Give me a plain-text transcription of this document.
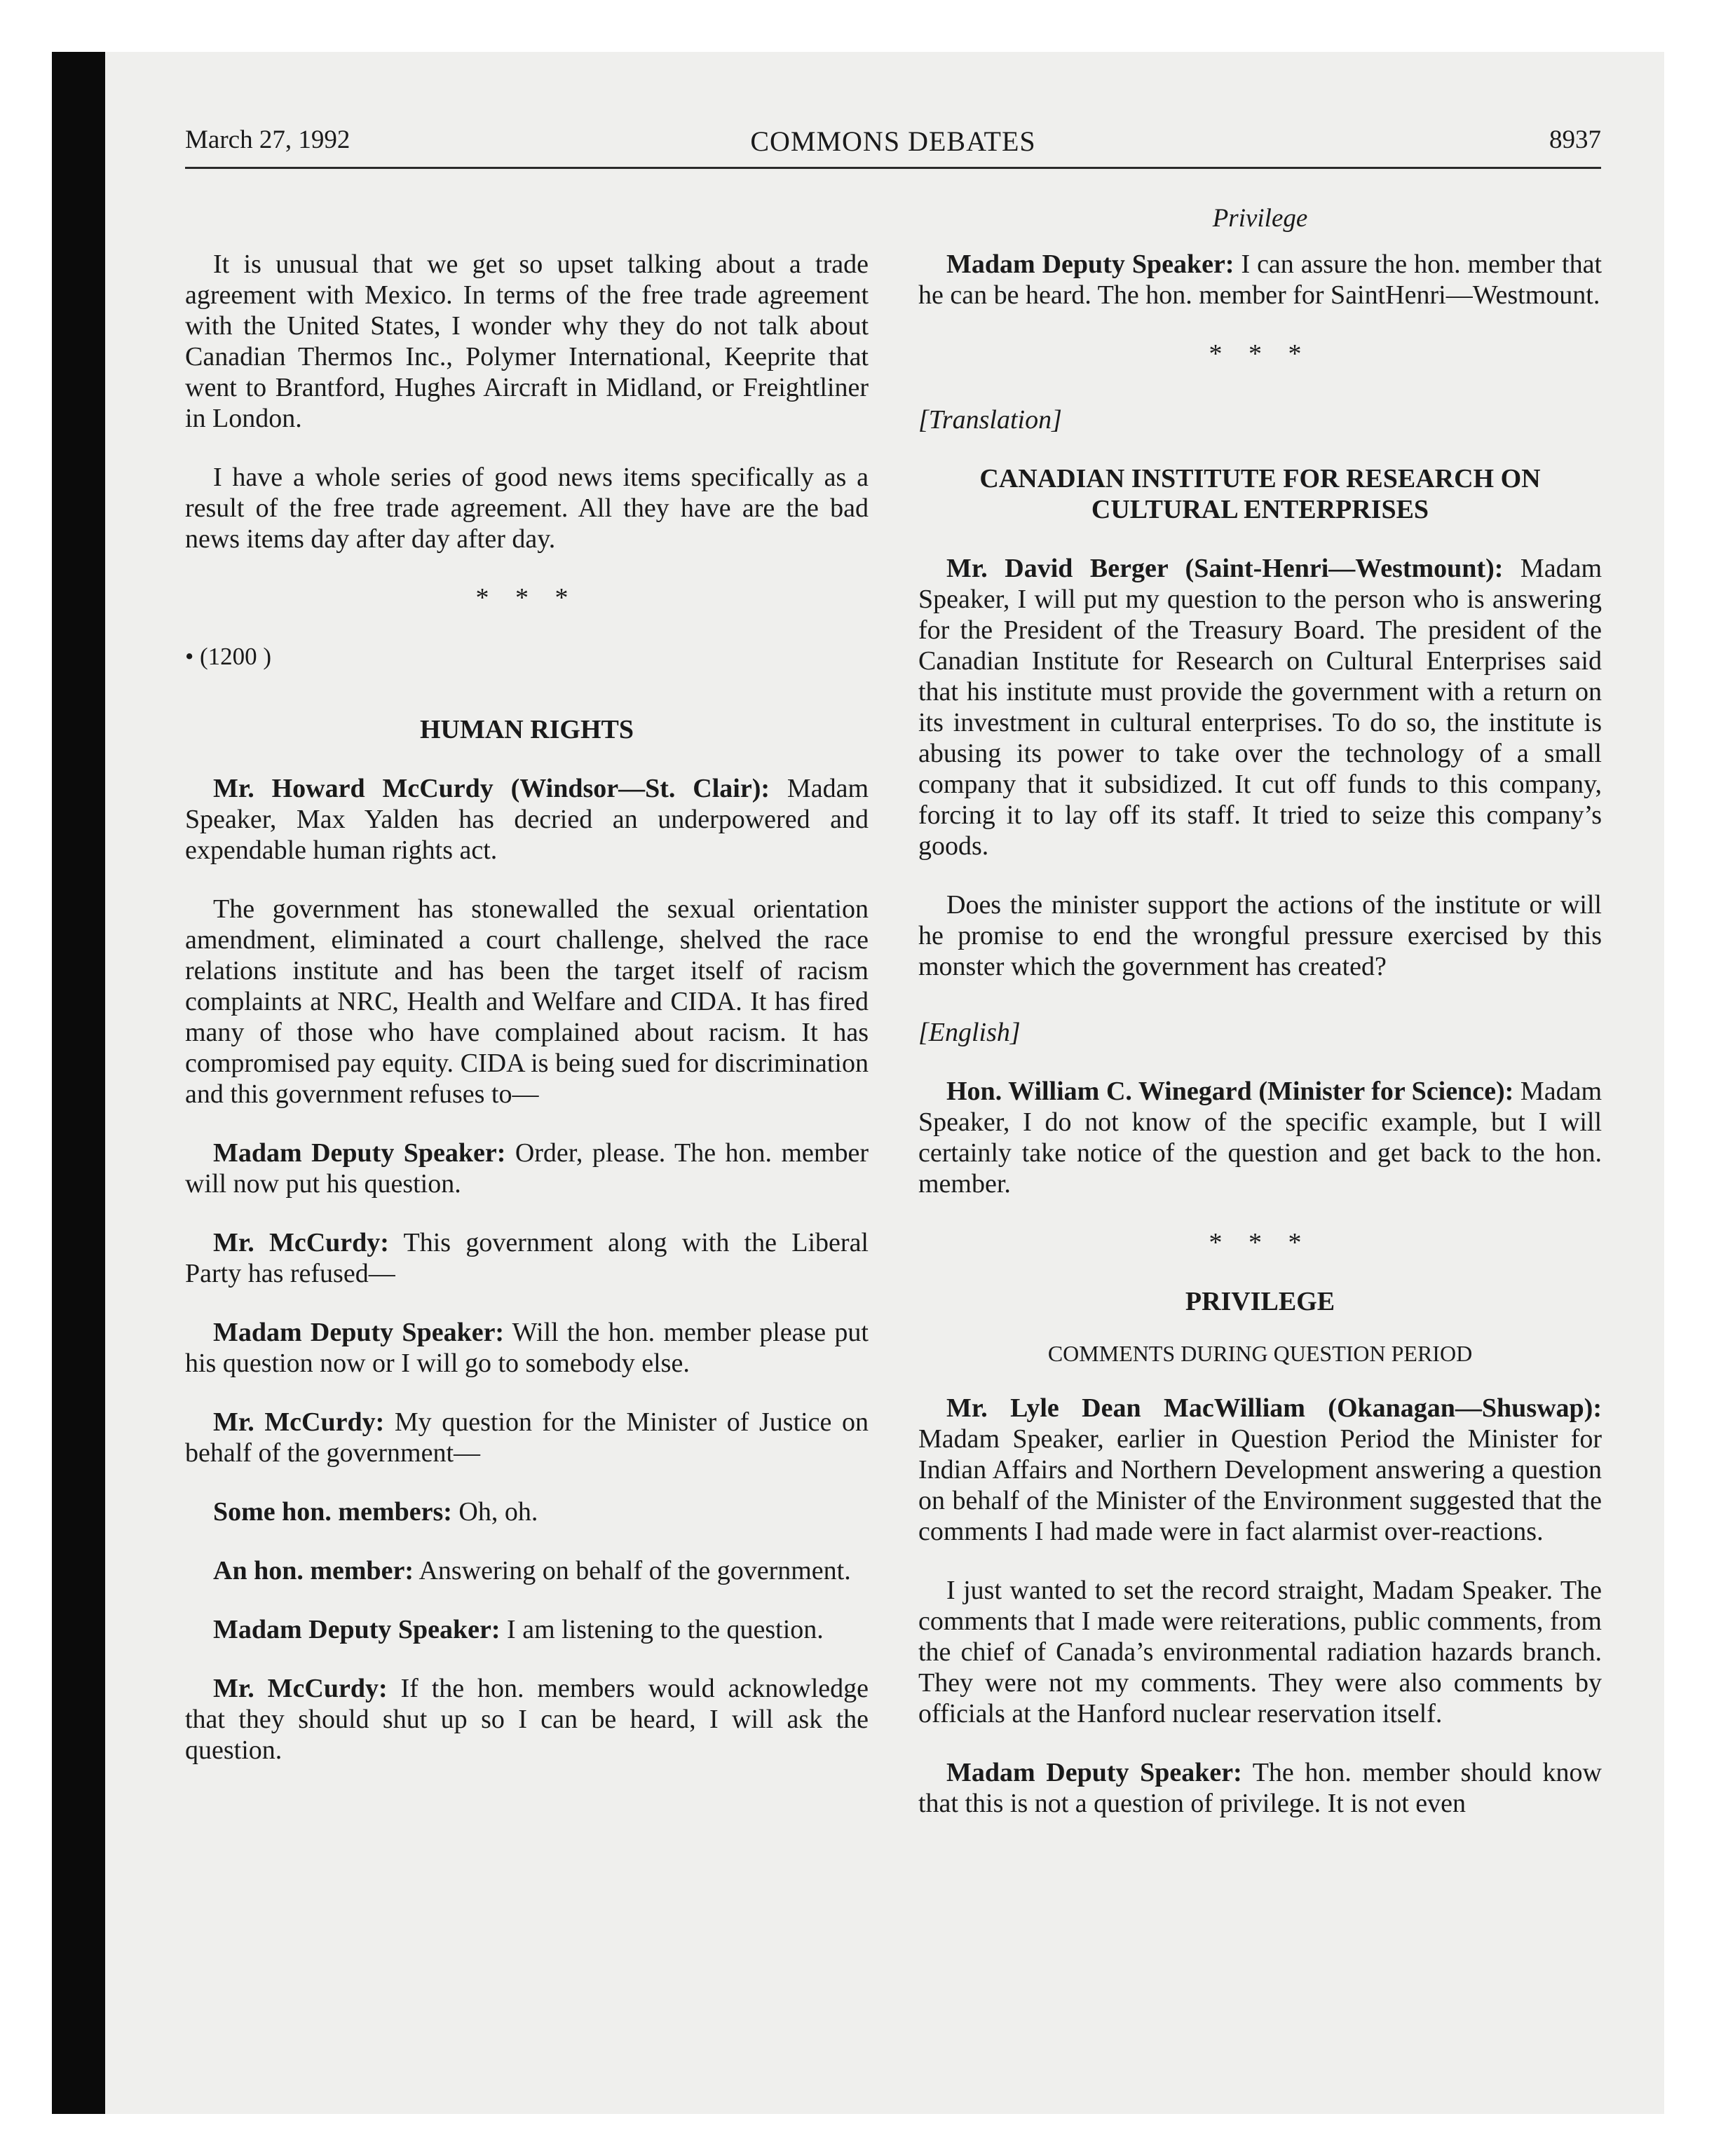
March 27, 1992	COMMONS DEBATES	8937
Privilege

It is unusual that we get so upset talking about a trade agreement with Mexico. In terms of the free trade agreement with the United States, I wonder why they do not talk about Canadian Thermos Inc., Polymer International, Keeprite that went to Brantford, Hughes Aircraft in Midland, or Freightliner in London.

I have a whole series of good news items specifically as a result of the free trade agreement. All they have are the bad news items day after day after day.

* * *
• (1200 )
HUMAN RIGHTS

Mr. Howard McCurdy (Windsor—St. Clair): Madam Speaker, Max Yalden has decried an underpowered and expendable human rights act.

The government has stonewalled the sexual orientation amendment, eliminated a court challenge, shelved the race relations institute and has been the target itself of racism complaints at NRC, Health and Welfare and CIDA. It has fired many of those who have complained about racism. It has compromised pay equity. CIDA is being sued for discrimination and this government refuses to—

Madam Deputy Speaker: Order, please. The hon. member will now put his question.

Mr. McCurdy: This government along with the Liberal Party has refused—

Madam Deputy Speaker: Will the hon. member please put his question now or I will go to somebody else.

Mr. McCurdy: My question for the Minister of Justice on behalf of the government—

Some hon. members: Oh, oh.

An hon. member: Answering on behalf of the government.

Madam Deputy Speaker: I am listening to the question.

Mr. McCurdy: If the hon. members would acknowledge that they should shut up so I can be heard, I will ask the question.

Madam Deputy Speaker: I can assure the hon. member that he can be heard. The hon. member for SaintHenri—Westmount.

* * *
[Translation]
CANADIAN INSTITUTE FOR RESEARCH ON CULTURAL ENTERPRISES

Mr. David Berger (Saint‑Henri—Westmount): Madam Speaker, I will put my question to the person who is answering for the President of the Treasury Board. The president of the Canadian Institute for Research on Cultural Enterprises said that his institute must provide the government with a return on its investment in cultural enterprises. To do so, the institute is abusing its power to take over the technology of a small company that it subsidized. It cut off funds to this company, forcing it to lay off its staff. It tried to seize this company’s goods.

Does the minister support the actions of the institute or will he promise to end the wrongful pressure exercised by this monster which the government has created?

[English]

Hon. William C. Winegard (Minister for Science): Madam Speaker, I do not know of the specific example, but I will certainly take notice of the question and get back to the hon. member.

* * *
PRIVILEGE
COMMENTS DURING QUESTION PERIOD

Mr. Lyle Dean MacWilliam (Okanagan—Shuswap): Madam Speaker, earlier in Question Period the Minister for Indian Affairs and Northern Development answering a question on behalf of the Minister of the Environment suggested that the comments I had made were in fact alarmist over‑reactions.

I just wanted to set the record straight, Madam Speaker. The comments that I made were reiterations, public comments, from the chief of Canada’s environmental radiation hazards branch. They were not my comments. They were also comments by officials at the Hanford nuclear reservation itself.

Madam Deputy Speaker: The hon. member should know that this is not a question of privilege. It is not even
